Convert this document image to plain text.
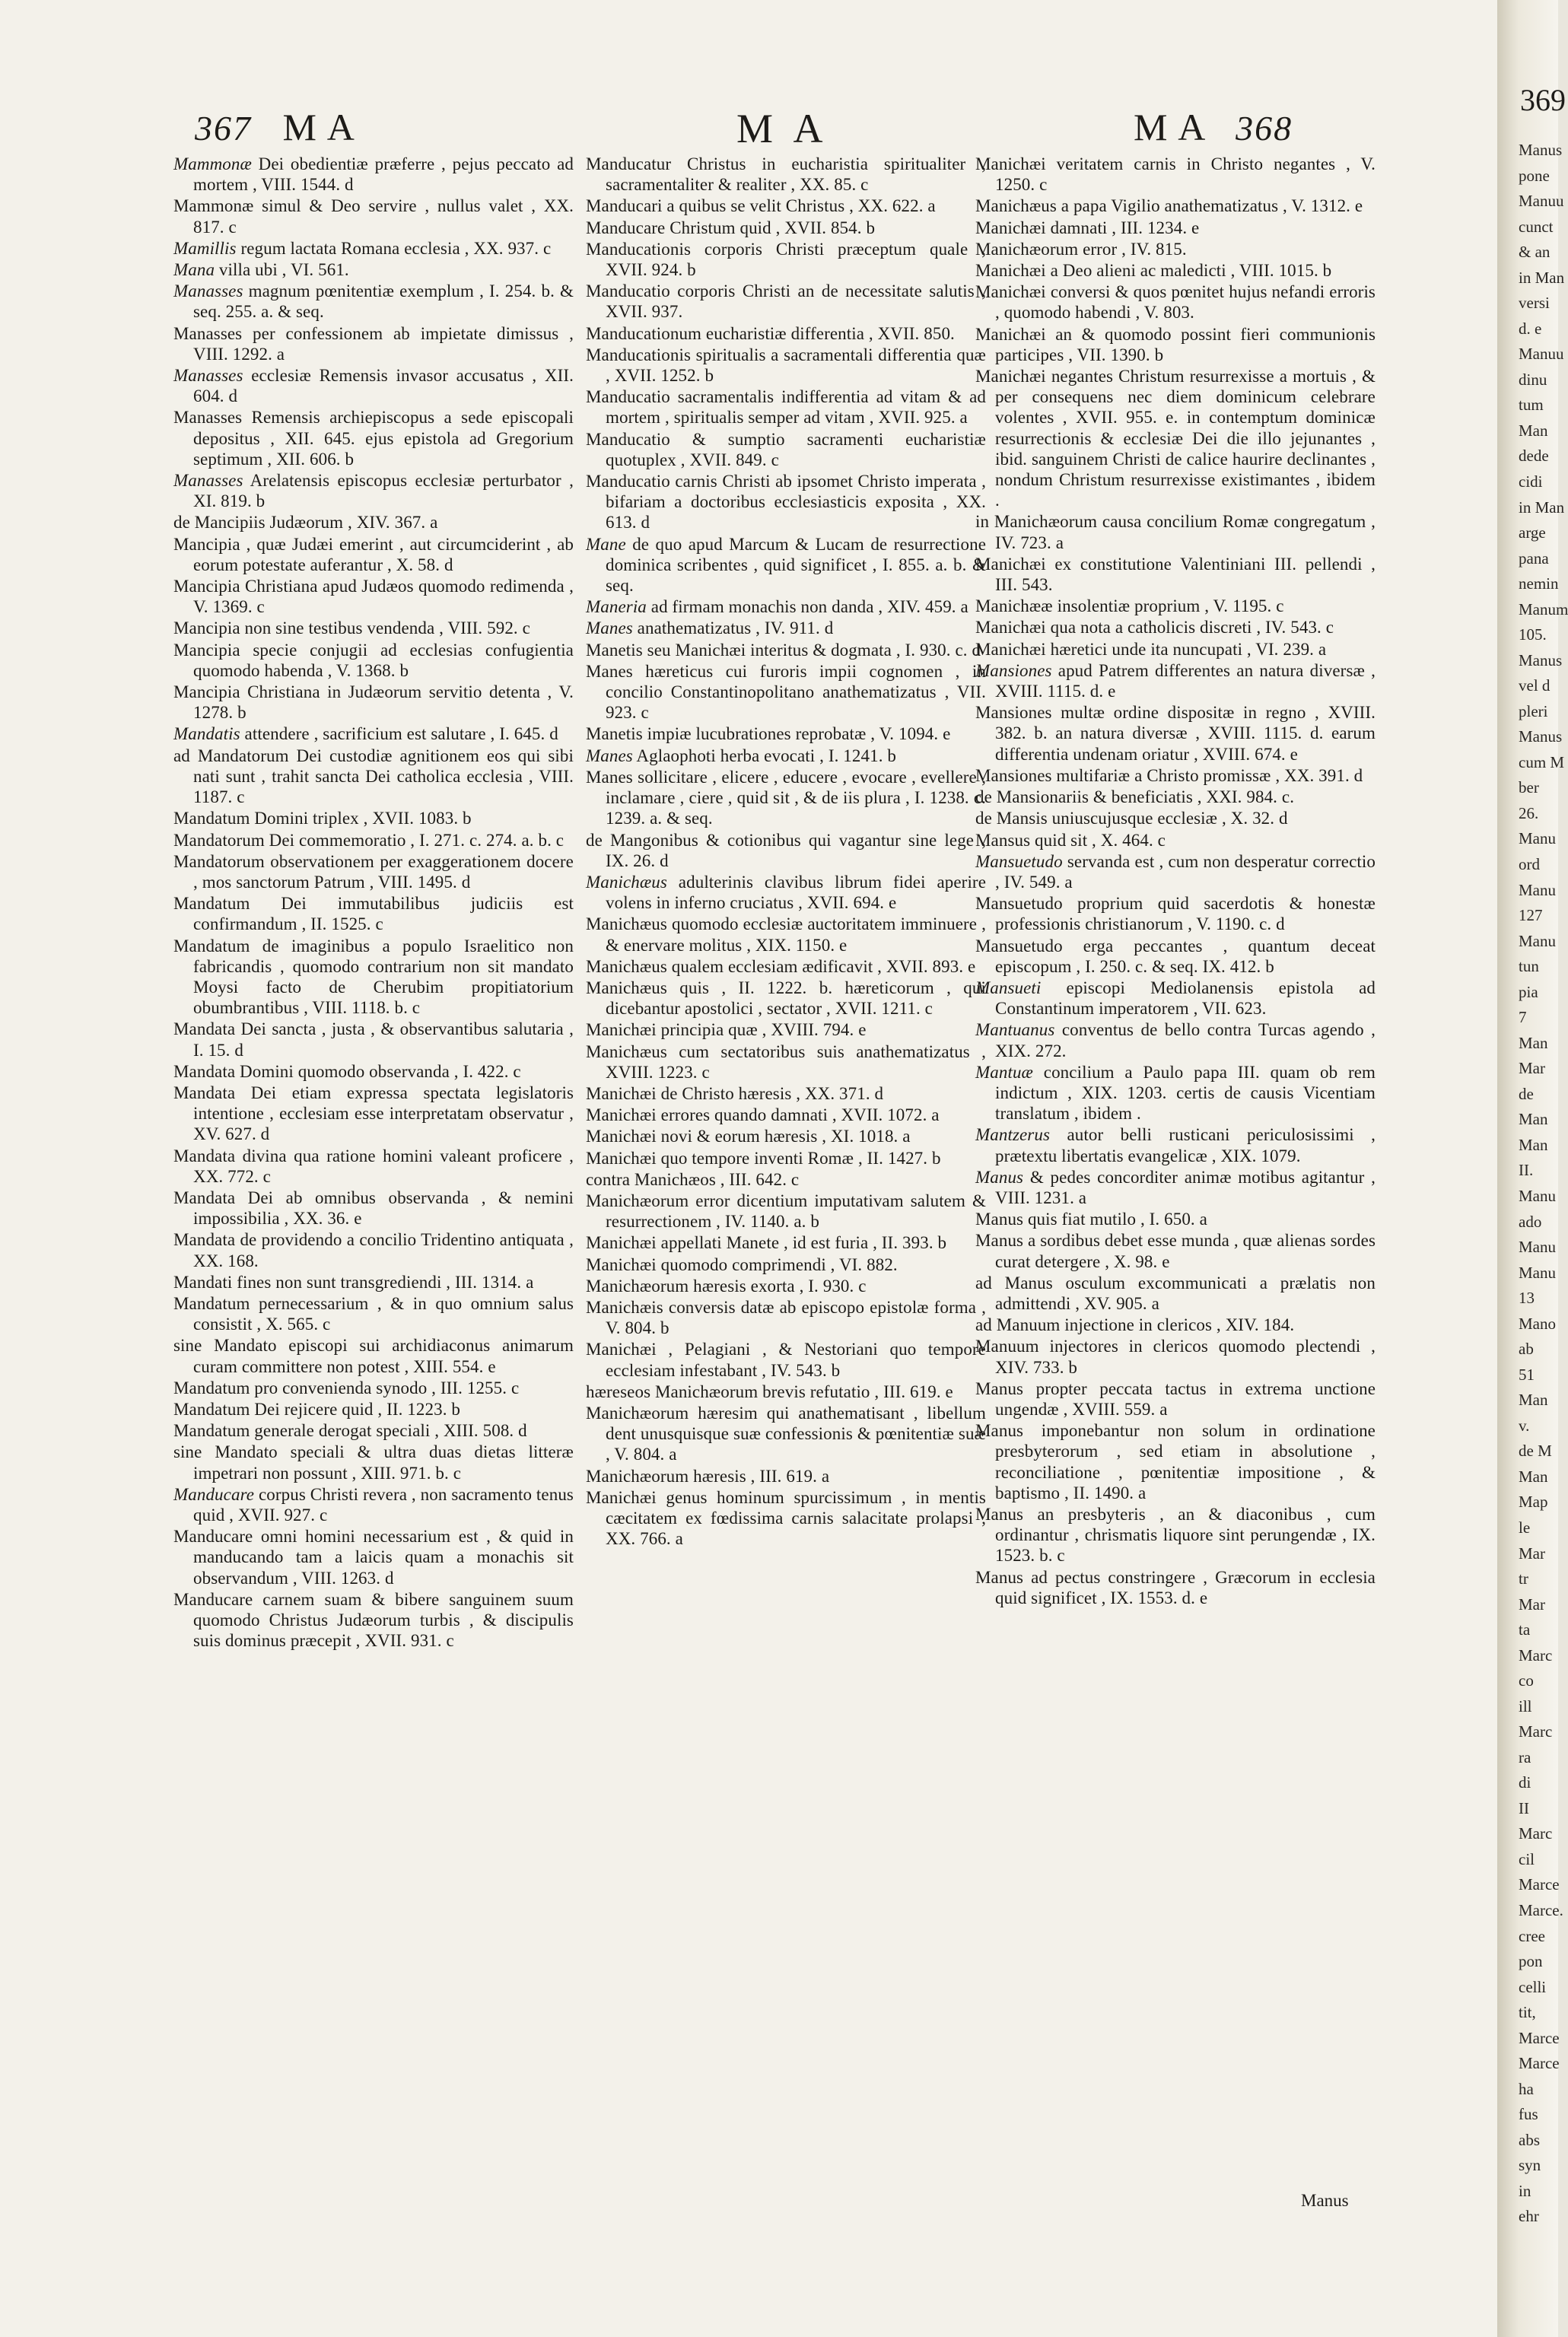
367 M A	M A	M A 368
Mammonæ Dei obedientiæ præferre , pejus peccato ad mortem , VIII. 1544. d
Mammonæ simul & Deo servire , nullus valet , XX. 817. c
Mamillis regum lactata Romana ecclesia , XX. 937. c
Mana villa ubi , VI. 561.
Manasses magnum pœnitentiæ exemplum , I. 254. b. & seq. 255. a. & seq.
Manasses per confessionem ab impietate dimissus , VIII. 1292. a
Manasses ecclesiæ Remensis invasor accusatus , XII. 604. d
Manasses Remensis archiepiscopus a sede episcopali depositus , XII. 645. ejus epistola ad Gregorium septimum , XII. 606. b
Manasses Arelatensis episcopus ecclesiæ perturbator , XI. 819. b
de Mancipiis Judæorum , XIV. 367. a
Mancipia , quæ Judæi emerint , aut circumciderint , ab eorum potestate auferantur , X. 58. d
Mancipia Christiana apud Judæos quomodo redimenda , V. 1369. c
Mancipia non sine testibus vendenda , VIII. 592. c
Mancipia specie conjugii ad ecclesias confugientia quomodo habenda , V. 1368. b
Mancipia Christiana in Judæorum servitio detenta , V. 1278. b
Mandatis attendere , sacrificium est salutare , I. 645. d
ad Mandatorum Dei custodiæ agnitionem eos qui sibi nati sunt , trahit sancta Dei catholica ecclesia , VIII. 1187. c
Mandatum Domini triplex , XVII. 1083. b
Mandatorum Dei commemoratio , I. 271. c. 274. a. b. c
Mandatorum observationem per exaggerationem docere , mos sanctorum Patrum , VIII. 1495. d
Mandatum Dei immutabilibus judiciis est confirmandum , II. 1525. c
Mandatum de imaginibus a populo Israelitico non fabricandis , quomodo contrarium non sit mandato Moysi facto de Cherubim propitiatorium obumbrantibus , VIII. 1118. b. c
Mandata Dei sancta , justa , & observantibus salutaria , I. 15. d
Mandata Domini quomodo observanda , I. 422. c
Mandata Dei etiam expressa spectata legislatoris intentione , ecclesiam esse interpretatam observatur , XV. 627. d
Mandata divina qua ratione homini valeant proficere , XX. 772. c
Mandata Dei ab omnibus observanda , & nemini impossibilia , XX. 36. e
Mandata de providendo a concilio Tridentino antiquata , XX. 168.
Mandati fines non sunt transgrediendi , III. 1314. a
Mandatum pernecessarium , & in quo omnium salus consistit , X. 565. c
sine Mandato episcopi sui archidiaconus animarum curam committere non potest , XIII. 554. e
Mandatum pro convenienda synodo , III. 1255. c
Mandatum Dei rejicere quid , II. 1223. b
Mandatum generale derogat speciali , XIII. 508. d
sine Mandato speciali & ultra duas dietas litteræ impetrari non possunt , XIII. 971. b. c
Manducare corpus Christi revera , non sacramento tenus quid , XVII. 927. c
Manducare omni homini necessarium est , & quid in manducando tam a laicis quam a monachis sit observandum , VIII. 1263. d
Manducare carnem suam & bibere sanguinem suum quomodo Christus Judæorum turbis , & discipulis suis dominus præcepit , XVII. 931. c
Manducatur Christus in eucharistia spiritualiter , sacramentaliter & realiter , XX. 85. c
Manducari a quibus se velit Christus , XX. 622. a
Manducare Christum quid , XVII. 854. b
Manducationis corporis Christi præceptum quale , XVII. 924. b
Manducatio corporis Christi an de necessitate salutis , XVII. 937.
Manducationum eucharistiæ differentia , XVII. 850.
Manducationis spiritualis a sacramentali differentia quæ , XVII. 1252. b
Manducatio sacramentalis indifferentia ad vitam & ad mortem , spiritualis semper ad vitam , XVII. 925. a
Manducatio & sumptio sacramenti eucharistiæ quotuplex , XVII. 849. c
Manducatio carnis Christi ab ipsomet Christo imperata , bifariam a doctoribus ecclesiasticis exposita , XX. 613. d
Mane de quo apud Marcum & Lucam de resurrectione dominica scribentes , quid significet , I. 855. a. b. & seq.
Maneria ad firmam monachis non danda , XIV. 459. a
Manes anathematizatus , IV. 911. d
Manetis seu Manichæi interitus & dogmata , I. 930. c. d
Manes hæreticus cui furoris impii cognomen , in concilio Constantinopolitano anathematizatus , VII. 923. c
Manetis impiæ lucubrationes reprobatæ , V. 1094. e
Manes Aglaophoti herba evocati , I. 1241. b
Manes sollicitare , elicere , educere , evocare , evellere , inclamare , ciere , quid sit , & de iis plura , I. 1238. c. 1239. a. & seq.
de Mangonibus & cotionibus qui vagantur sine lege , IX. 26. d
Manichæus adulterinis clavibus librum fidei aperire volens in inferno cruciatus , XVII. 694. e
Manichæus quomodo ecclesiæ auctoritatem imminuere , & enervare molitus , XIX. 1150. e
Manichæus qualem ecclesiam ædificavit , XVII. 893. e
Manichæus quis , II. 1222. b. hæreticorum , qui dicebantur apostolici , sectator , XVII. 1211. c
Manichæi principia quæ , XVIII. 794. e
Manichæus cum sectatoribus suis anathematizatus , XVIII. 1223. c
Manichæi de Christo hæresis , XX. 371. d
Manichæi errores quando damnati , XVII. 1072. a
Manichæi novi & eorum hæresis , XI. 1018. a
Manichæi quo tempore inventi Romæ , II. 1427. b
contra Manichæos , III. 642. c
Manichæorum error dicentium imputativam salutem & resurrectionem , IV. 1140. a. b
Manichæi appellati Manete , id est furia , II. 393. b
Manichæi quomodo comprimendi , VI. 882.
Manichæorum hæresis exorta , I. 930. c
Manichæis conversis datæ ab episcopo epistolæ forma , V. 804. b
Manichæi , Pelagiani , & Nestoriani quo tempore ecclesiam infestabant , IV. 543. b
hæreseos Manichæorum brevis refutatio , III. 619. e
Manichæorum hæresim qui anathematisant , libellum dent unusquisque suæ confessionis & pœnitentiæ suæ , V. 804. a
Manichæorum hæresis , III. 619. a
Manichæi genus hominum spurcissimum , in mentis cæcitatem ex fœdissima carnis salacitate prolapsi , XX. 766. a
Manichæi veritatem carnis in Christo negantes , V. 1250. c
Manichæus a papa Vigilio anathematizatus , V. 1312. e
Manichæi damnati , III. 1234. e
Manichæorum error , IV. 815.
Manichæi a Deo alieni ac maledicti , VIII. 1015. b
Manichæi conversi & quos pœnitet hujus nefandi erroris , quomodo habendi , V. 803.
Manichæi an & quomodo possint fieri communionis participes , VII. 1390. b
Manichæi negantes Christum resurrexisse a mortuis , & per consequens nec diem dominicum celebrare volentes , XVII. 955. e. in contemptum dominicæ resurrectionis & ecclesiæ Dei die illo jejunantes , ibid. sanguinem Christi de calice haurire declinantes , nondum Christum resurrexisse existimantes , ibidem .
in Manichæorum causa concilium Romæ congregatum , IV. 723. a
Manichæi ex constitutione Valentiniani III. pellendi , III. 543.
Manichææ insolentiæ proprium , V. 1195. c
Manichæi qua nota a catholicis discreti , IV. 543. c
Manichæi hæretici unde ita nuncupati , VI. 239. a
Mansiones apud Patrem differentes an natura diversæ , XVIII. 1115. d. e
Mansiones multæ ordine dispositæ in regno , XVIII. 382. b. an natura diversæ , XVIII. 1115. d. earum differentia undenam oriatur , XVIII. 674. e
Mansiones multifariæ a Christo promissæ , XX. 391. d
de Mansionariis & beneficiatis , XXI. 984. c.
de Mansis uniuscujusque ecclesiæ , X. 32. d
Mansus quid sit , X. 464. c
Mansuetudo servanda est , cum non desperatur correctio , IV. 549. a
Mansuetudo proprium quid sacerdotis & honestæ professionis christianorum , V. 1190. c. d
Mansuetudo erga peccantes , quantum deceat episcopum , I. 250. c. & seq. IX. 412. b
Mansueti episcopi Mediolanensis epistola ad Constantinum imperatorem , VII. 623.
Mantuanus conventus de bello contra Turcas agendo , XIX. 272.
Mantuæ concilium a Paulo papa III. quam ob rem indictum , XIX. 1203. certis de causis Vicentiam translatum , ibidem .
Mantzerus autor belli rusticani periculosissimi , prætextu libertatis evangelicæ , XIX. 1079.
Manus & pedes concorditer animæ motibus agitantur , VIII. 1231. a
Manus quis fiat mutilo , I. 650. a
Manus a sordibus debet esse munda , quæ alienas sordes curat detergere , X. 98. e
ad Manus osculum excommunicati a prælatis non admittendi , XV. 905. a
ad Manuum injectione in clericos , XIV. 184.
Manuum injectores in clericos quomodo plectendi , XIV. 733. b
Manus propter peccata tactus in extrema unctione ungendæ , XVIII. 559. a
Manus imponebantur non solum in ordinatione presbyterorum , sed etiam in absolutione , reconciliatione , pœnitentiæ impositione , & baptismo , II. 1490. a
Manus an presbyteris , an & diaconibus , cum ordinantur , chrismatis liquore sint perungendæ , IX. 1523. b. c
Manus ad pectus constringere , Græcorum in ecclesia quid significet , IX. 1553. d. e
Manus
369
Manus
pone
Manuu
cunct
& an
in Man
versi
d. e
Manuu
dinu
tum
Man
dede
cidi
in Man
arge
pana
nemin
Manum
105.
Manus
vel d
pleri
Manus
cum M
ber
26.
Manu
ord
Manu
127
Manu
tun
pia
7
Man
Mar
de
Man
Man
II.
Manu
ado
Manu
Manu
13
Mano
ab
51
Man
v.
de M
Man
Map
le
Mar
tr
Mar
ta
Marc
co
ill
Marc
ra
di
II
Marc
cil
Marce
Marce.
cree
pon
celli
tit,
Marce
Marce
ha
fus
abs
syn
in
ehr
